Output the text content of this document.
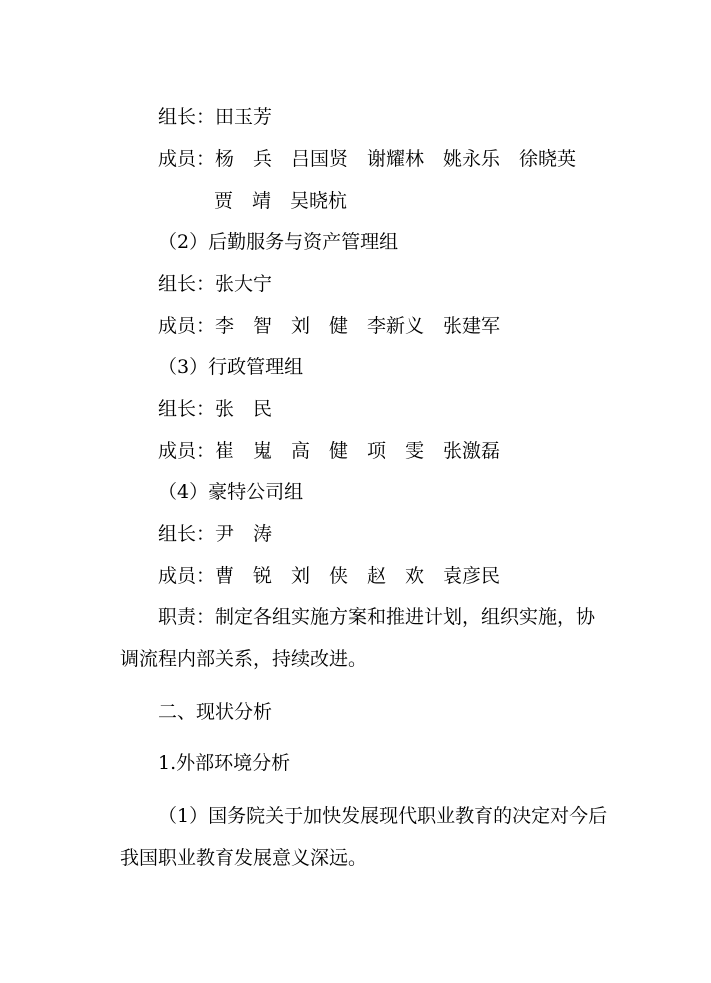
组长：田玉芳

成员：杨　兵　吕国贤　谢耀林　姚永乐　徐晓英

贾　靖　吴晓杭

（2）后勤服务与资产管理组

组长：张大宁

成员：李　智　刘　健　李新义　张建军

（3）行政管理组

组长：张　民

成员：崔　嵬　高　健　项　雯　张激磊

（4）豪特公司组

组长：尹　涛

成员：曹　锐　刘　侠　赵　欢　袁彦民

职责：制定各组实施方案和推进计划，组织实施，协

调流程内部关系，持续改进。

二、现状分析

1.外部环境分析

（1）国务院关于加快发展现代职业教育的决定对今后

我国职业教育发展意义深远。
